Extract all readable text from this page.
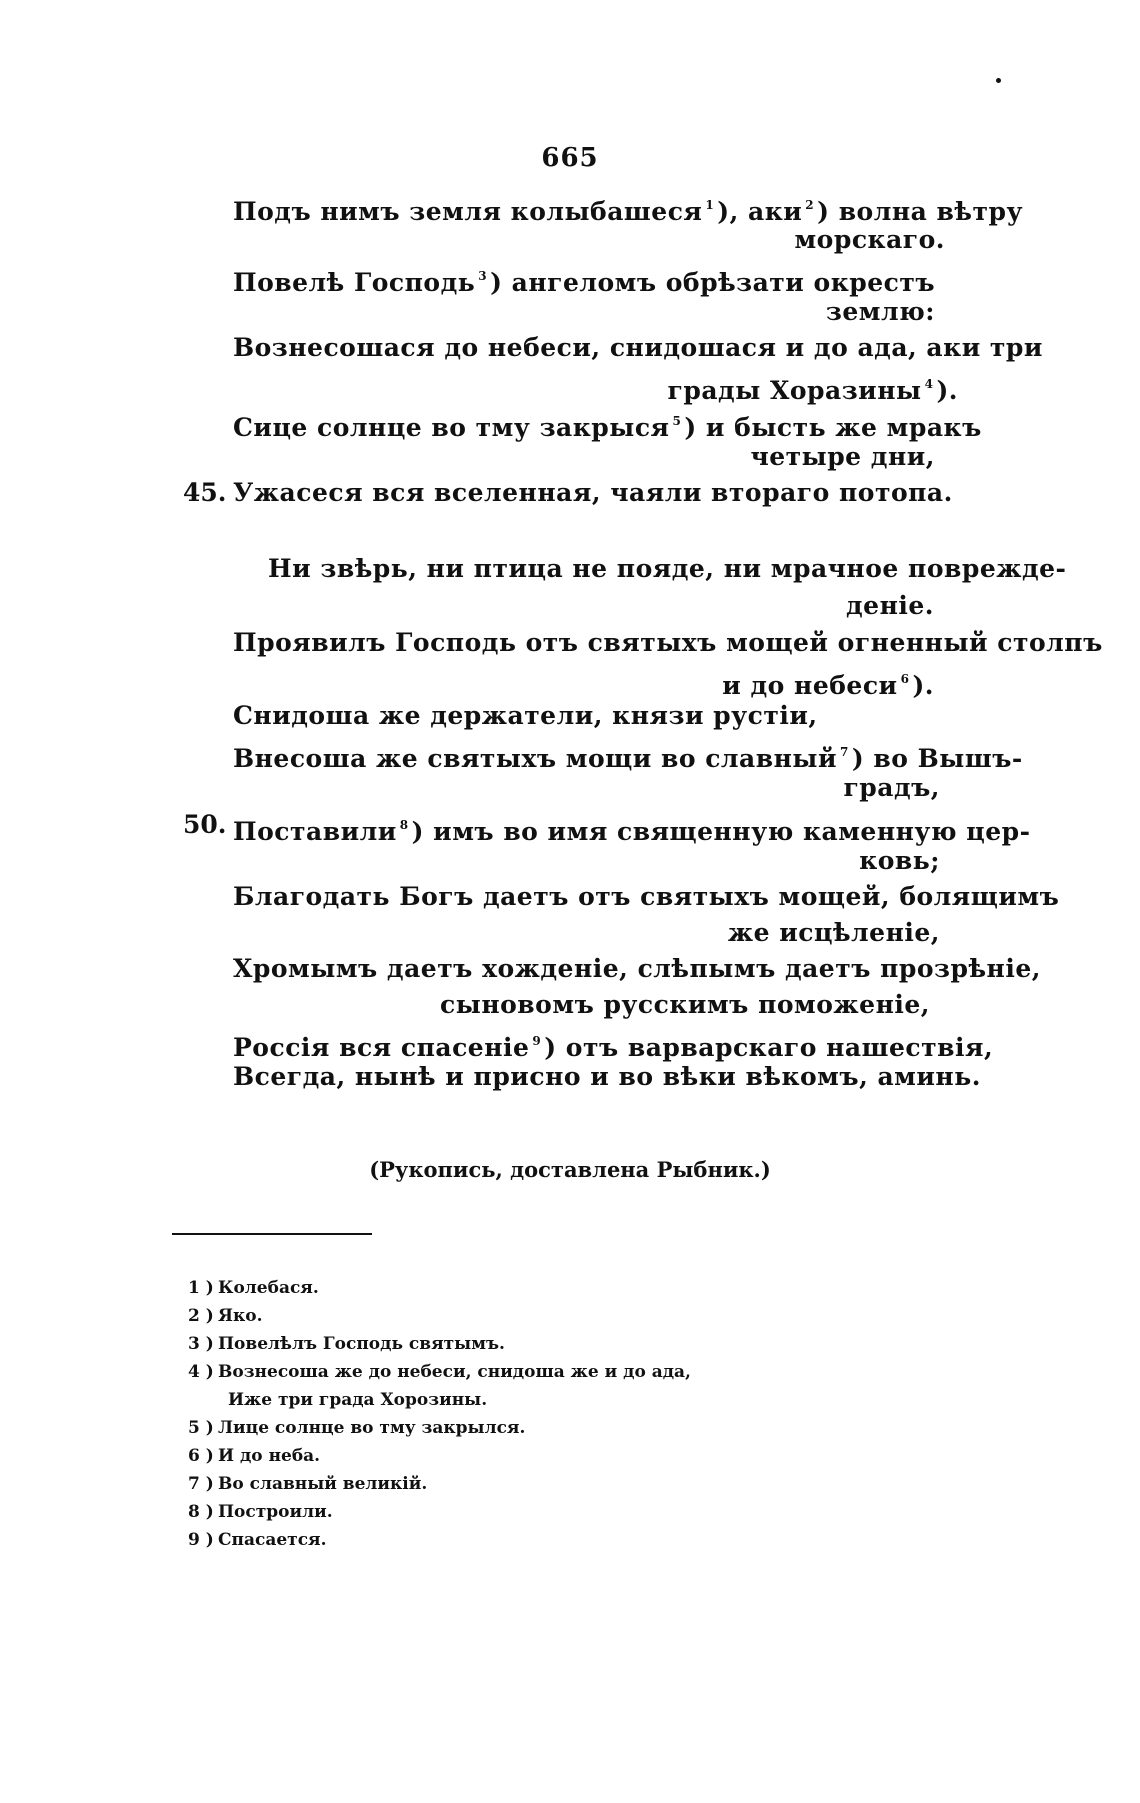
665
Подъ нимъ земля колыбашеся $^1$ ), аки $^2$ ) волна вѣтру
морскаго.
Повелѣ Господь $^3$ ) ангеломъ обрѣзати окрестъ
землю:
Вознесошася до небеси, снидошася и до ада, аки три
грады Хоразины $^4$ ).
Сице солнце во тму закрыся $^5$ ) и бысть же мракъ
четыре дни,
45. Ужасеся вся вселенная, чаяли втораго потопа.
Ни звѣрь, ни птица не пояде, ни мрачное поврежде-
деніе.
Проявилъ Господь отъ святыхъ мощей огненный столпъ
и до небеси $^6$ ).
Снидоша же держатели, князи рустіи,
Внесоша же святыхъ мощи во славный $^7$ ) во Вышъ-
градъ,
50. Поставили $^8$ ) имъ во имя священную каменную цер-
ковь;
Благодать Богъ даетъ отъ святыхъ мощей, болящимъ
же исцѣленіе,
Хромымъ даетъ хожденіе, слѣпымъ даетъ прозрѣніе,
сыновомъ русскимъ поможеніе,
Россія вся спасеніе $^9$ ) отъ варварскаго нашествія,
Всегда, нынѣ и присно и во вѣки вѣкомъ, аминь.
(Рукопись, доставлена Рыбник.)
1 ) Колебася.
2 ) Яко.
3 ) Повелѣлъ Господь святымъ.
4 ) Вознесоша же до небеси, снидоша же и до ада,
Иже три града Хорозины.
5 ) Лице солнце во тму закрылся.
6 ) И до неба.
7 ) Во славный великій.
8 ) Построили.
9 ) Спасается.
